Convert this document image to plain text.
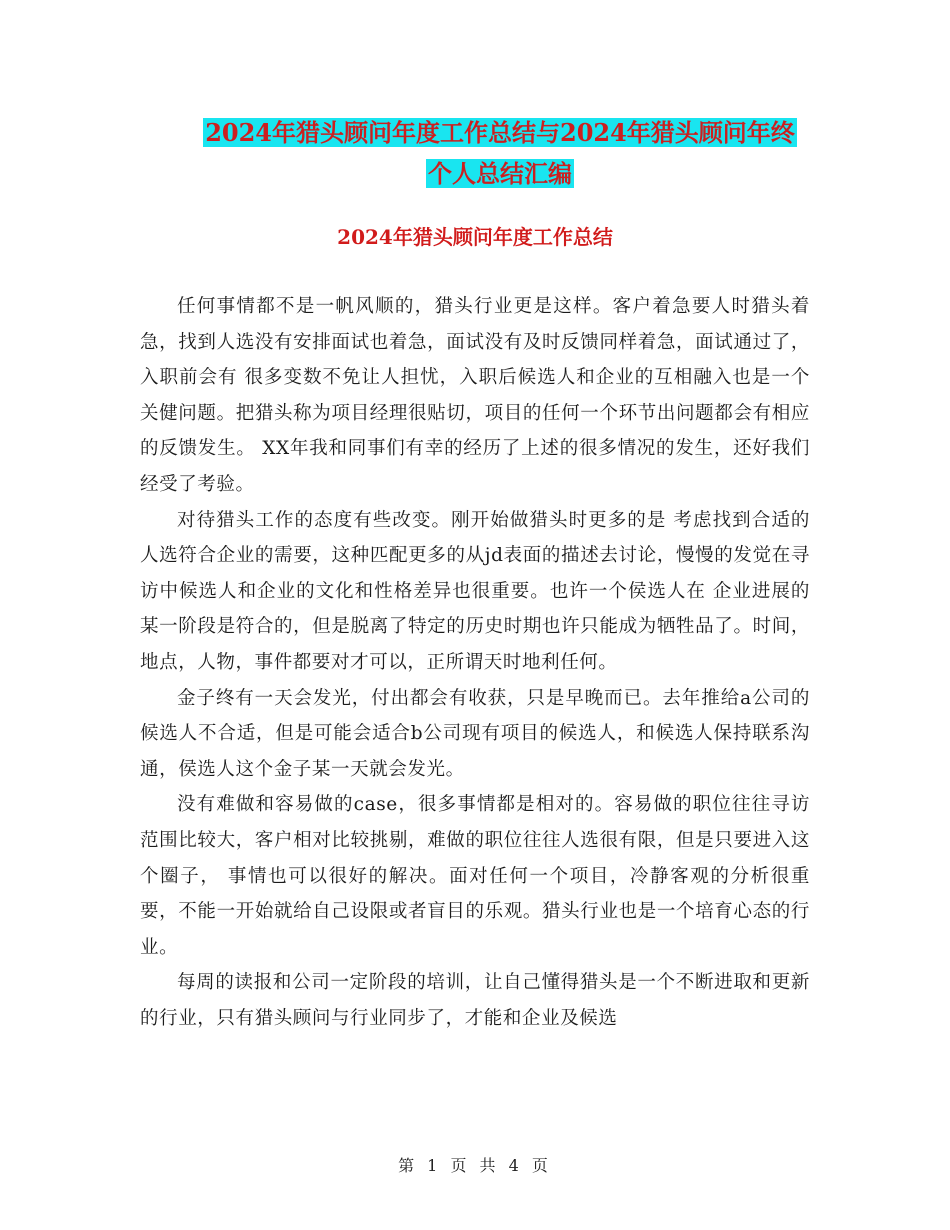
2024年猎头顾问年度工作总结与2024年猎头顾问年终
个人总结汇编
2024年猎头顾问年度工作总结

任何事情都不是一帆风顺的，猎头行业更是这样。客户着急要人时猎头着急，找到人选没有安排面试也着急，面试没有及时反馈同样着急，面试通过了，入职前会有 很多变数不免让人担忧，入职后候选人和企业的互相融入也是一个关健问题。把猎头称为项目经理很贴切，项目的任何一个环节出问题都会有相应的反馈发生。 XX年我和同事们有幸的经历了上述的很多情况的发生，还好我们经受了考验。

对待猎头工作的态度有些改变。刚开始做猎头时更多的是 考虑找到合适的人选符合企业的需要，这种匹配更多的从jd表面的描述去讨论，慢慢的发觉在寻访中候选人和企业的文化和性格差异也很重要。也许一个侯选人在 企业进展的某一阶段是符合的，但是脱离了特定的历史时期也许只能成为牺牲品了。时间，地点，人物，事件都要对才可以，正所谓天时地利任何。

金子终有一天会发光，付出都会有收获，只是早晚而已。去年推给a公司的候选人不合适，但是可能会适合b公司现有项目的候选人，和候选人保持联系沟通，侯选人这个金子某一天就会发光。

没有难做和容易做的case，很多事情都是相对的。容易做的职位往往寻访范围比较大，客户相对比较挑剔，难做的职位往往人选很有限，但是只要进入这个圈子， 事情也可以很好的解决。面对任何一个项目，冷静客观的分析很重要，不能一开始就给自己设限或者盲目的乐观。猎头行业也是一个培育心态的行业。

每周的读报和公司一定阶段的培训，让自己懂得猎头是一个不断进取和更新的行业，只有猎头顾问与行业同步了，才能和企业及候选

第 1 页 共 4 页
